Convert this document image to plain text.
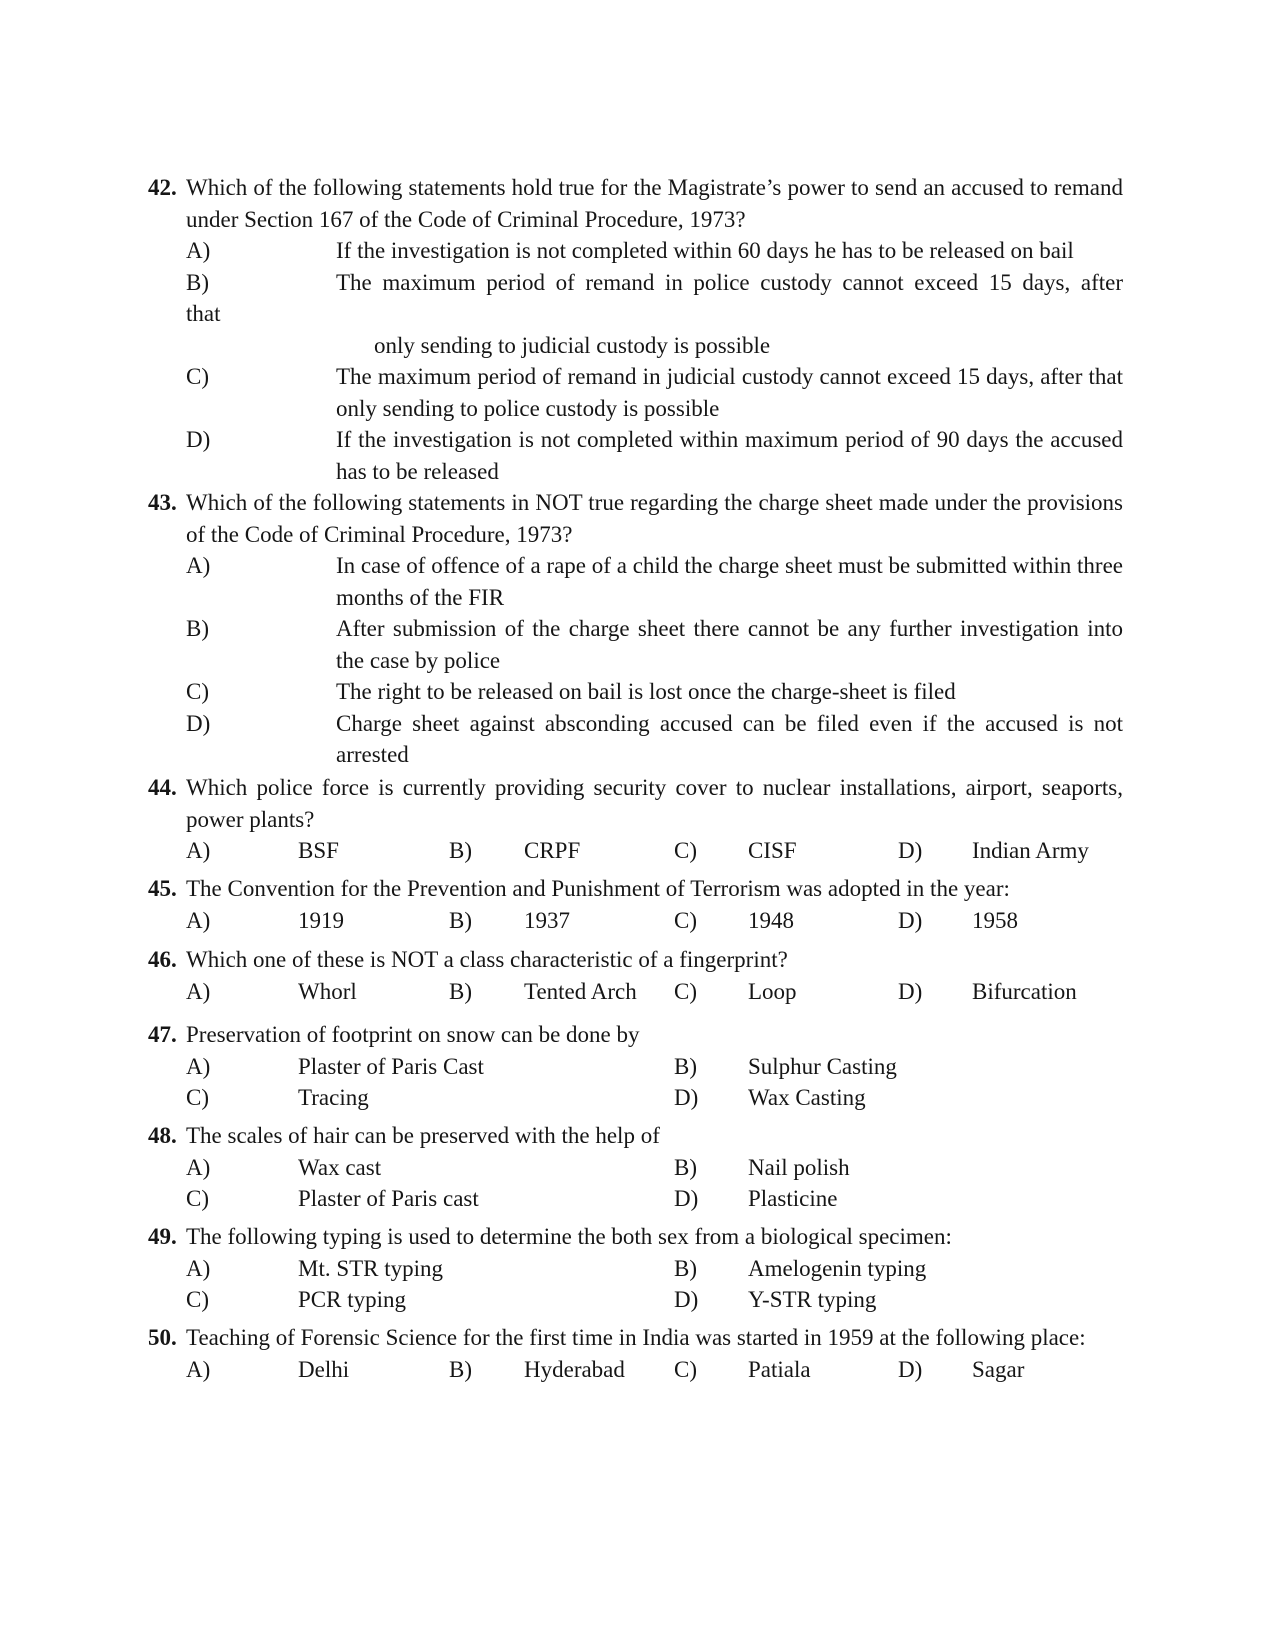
42. Which of the following statements hold true for the Magistrate’s power to send an accused to remand under Section 167 of the Code of Criminal Procedure, 1973?
A)	If the investigation is not completed within 60 days he has to be released on bail
B)	The maximum period of remand in police custody cannot exceed 15 days, after
that
only sending to judicial custody is possible
C)	The maximum period of remand in judicial custody cannot exceed 15 days, after that only sending to police custody is possible
D)	If the investigation is not completed within maximum period of 90 days the accused has to be released
43. Which of the following statements in NOT true regarding the charge sheet made under the provisions of the Code of Criminal Procedure, 1973?
A)	In case of offence of a rape of a child the charge sheet must be submitted within three months of the FIR
B)	After submission of the charge sheet there cannot be any further investigation into the case by police
C)	The right to be released on bail is lost once the charge-sheet is filed
D)	Charge sheet against absconding accused can be filed even if the accused is not arrested
44. Which police force is currently providing security cover to nuclear installations, airport, seaports, power plants?
A)	BSF	B) CRPF	C) CISF	D) Indian Army
45. The Convention for the Prevention and Punishment of Terrorism was adopted in the year:
A)	1919	B) 1937	C) 1948	D) 1958
46. Which one of these is NOT a class characteristic of a fingerprint?
A)	Whorl	B) Tented Arch C) Loop	D) Bifurcation
47. Preservation of footprint on snow can be done by
A)	Plaster of Paris Cast	B) Sulphur Casting
C)	Tracing	D) Wax Casting
48. The scales of hair can be preserved with the help of
A)	Wax cast	B) Nail polish
C)	Plaster of Paris cast	D) Plasticine
49. The following typing is used to determine the both sex from a biological specimen:
A)	Mt. STR typing	B) Amelogenin typing
C)	PCR typing	D) Y-STR typing
50. Teaching of Forensic Science for the first time in India was started in 1959 at the following place:
A)	Delhi	B) Hyderabad C) Patiala	D) Sagar
